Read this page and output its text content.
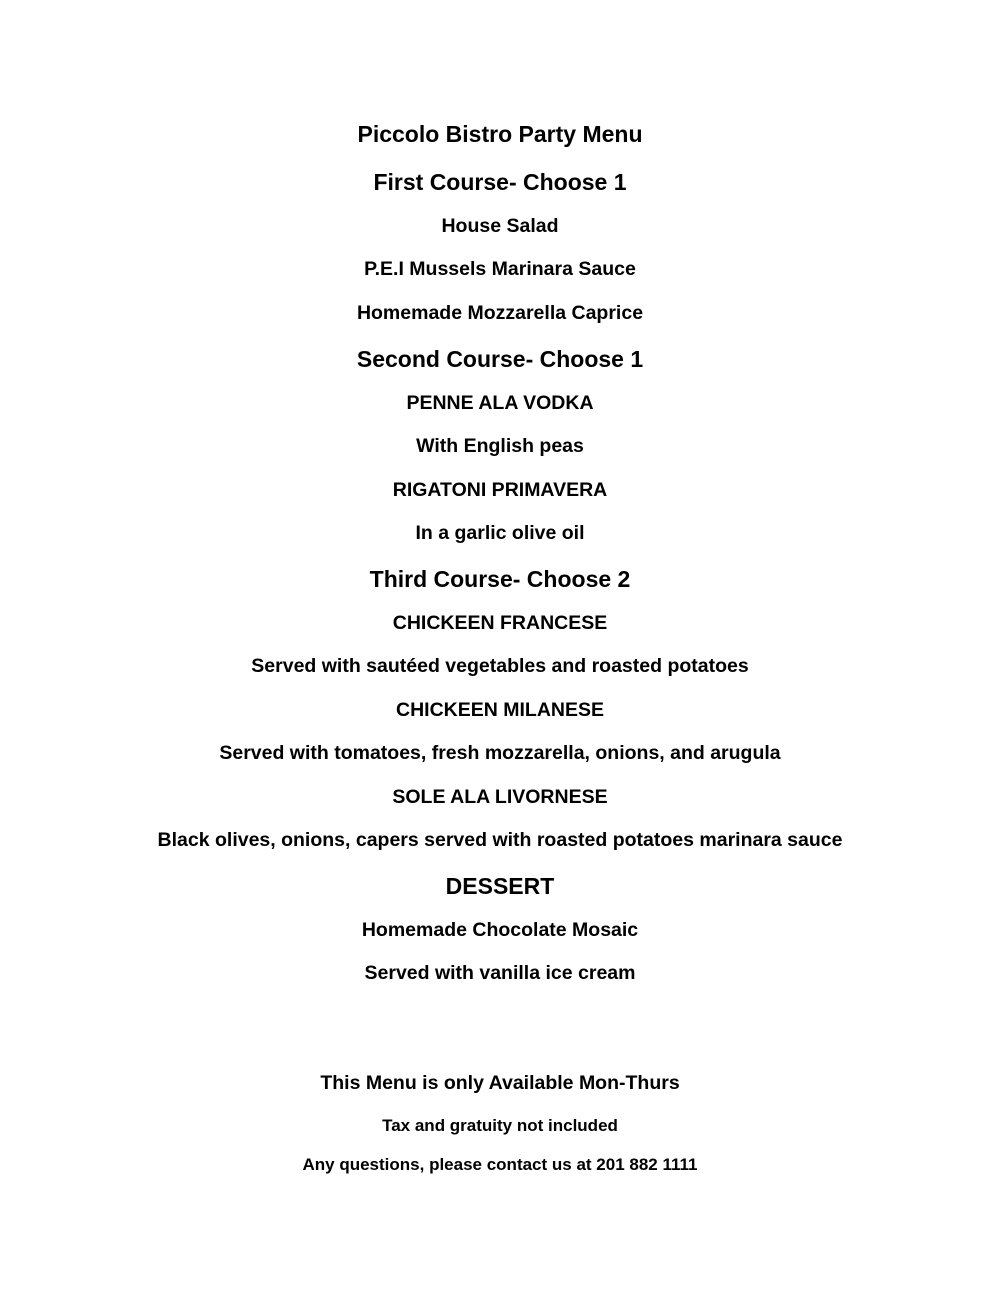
Piccolo Bistro Party Menu
First Course- Choose 1
House Salad
P.E.I Mussels Marinara Sauce
Homemade Mozzarella Caprice
Second Course- Choose 1
PENNE ALA VODKA
With English peas
RIGATONI PRIMAVERA
In a garlic olive oil
Third Course- Choose 2
CHICKEEN FRANCESE
Served with sautéed vegetables and roasted potatoes
CHICKEEN MILANESE
Served with tomatoes, fresh mozzarella, onions, and arugula
SOLE ALA LIVORNESE
Black olives, onions, capers served with roasted potatoes marinara sauce
DESSERT
Homemade Chocolate Mosaic
Served with vanilla ice cream
This Menu is only Available Mon-Thurs
Tax and gratuity not included
Any questions, please contact us at 201 882 1111
